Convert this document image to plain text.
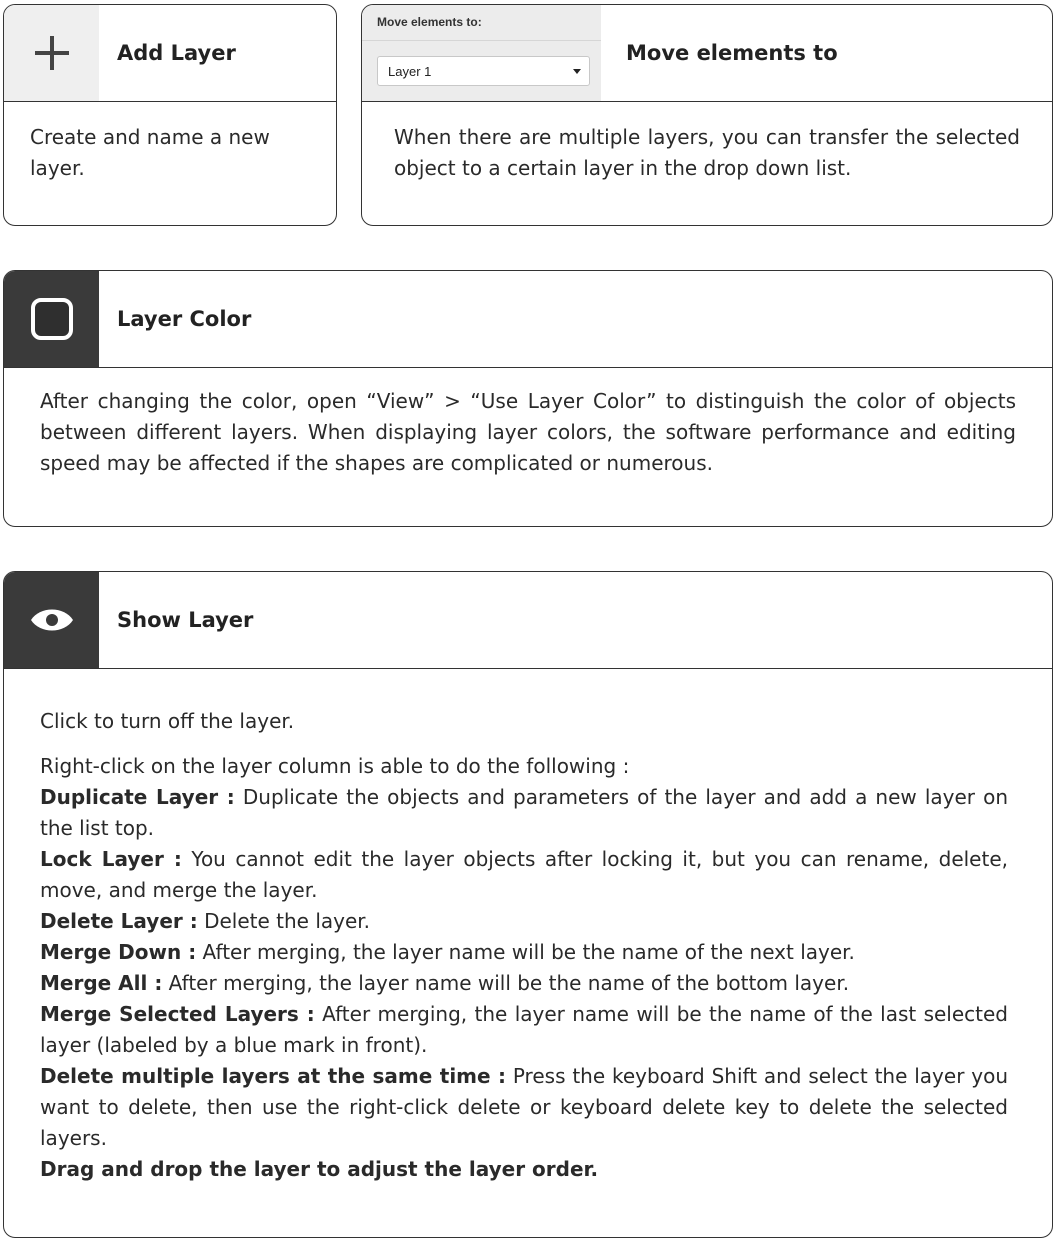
Add Layer
Create and name a new layer.
Move elements to:
Layer 1
Move elements to
When there are multiple layers, you can transfer the selected object to a certain layer in the drop down list.
Layer Color
After changing the color, open “View” > “Use Layer Color” to distinguish the color of objects between different layers. When displaying layer colors, the software performance and editing speed may be affected if the shapes are complicated or numerous.
Show Layer
Click to turn off the layer.
Right-click on the layer column is able to do the following :
Duplicate Layer : Duplicate the objects and parameters of the layer and add a new layer on the list top.
Lock Layer : You cannot edit the layer objects after locking it, but you can rename, delete, move, and merge the layer.
Delete Layer : Delete the layer.
Merge Down : After merging, the layer name will be the name of the next layer.
Merge All : After merging, the layer name will be the name of the bottom layer.
Merge Selected Layers : After merging, the layer name will be the name of the last selected layer (labeled by a blue mark in front).
Delete multiple layers at the same time : Press the keyboard Shift and select the layer you want to delete, then use the right-click delete or keyboard delete key to delete the selected layers.
Drag and drop the layer to adjust the layer order.
